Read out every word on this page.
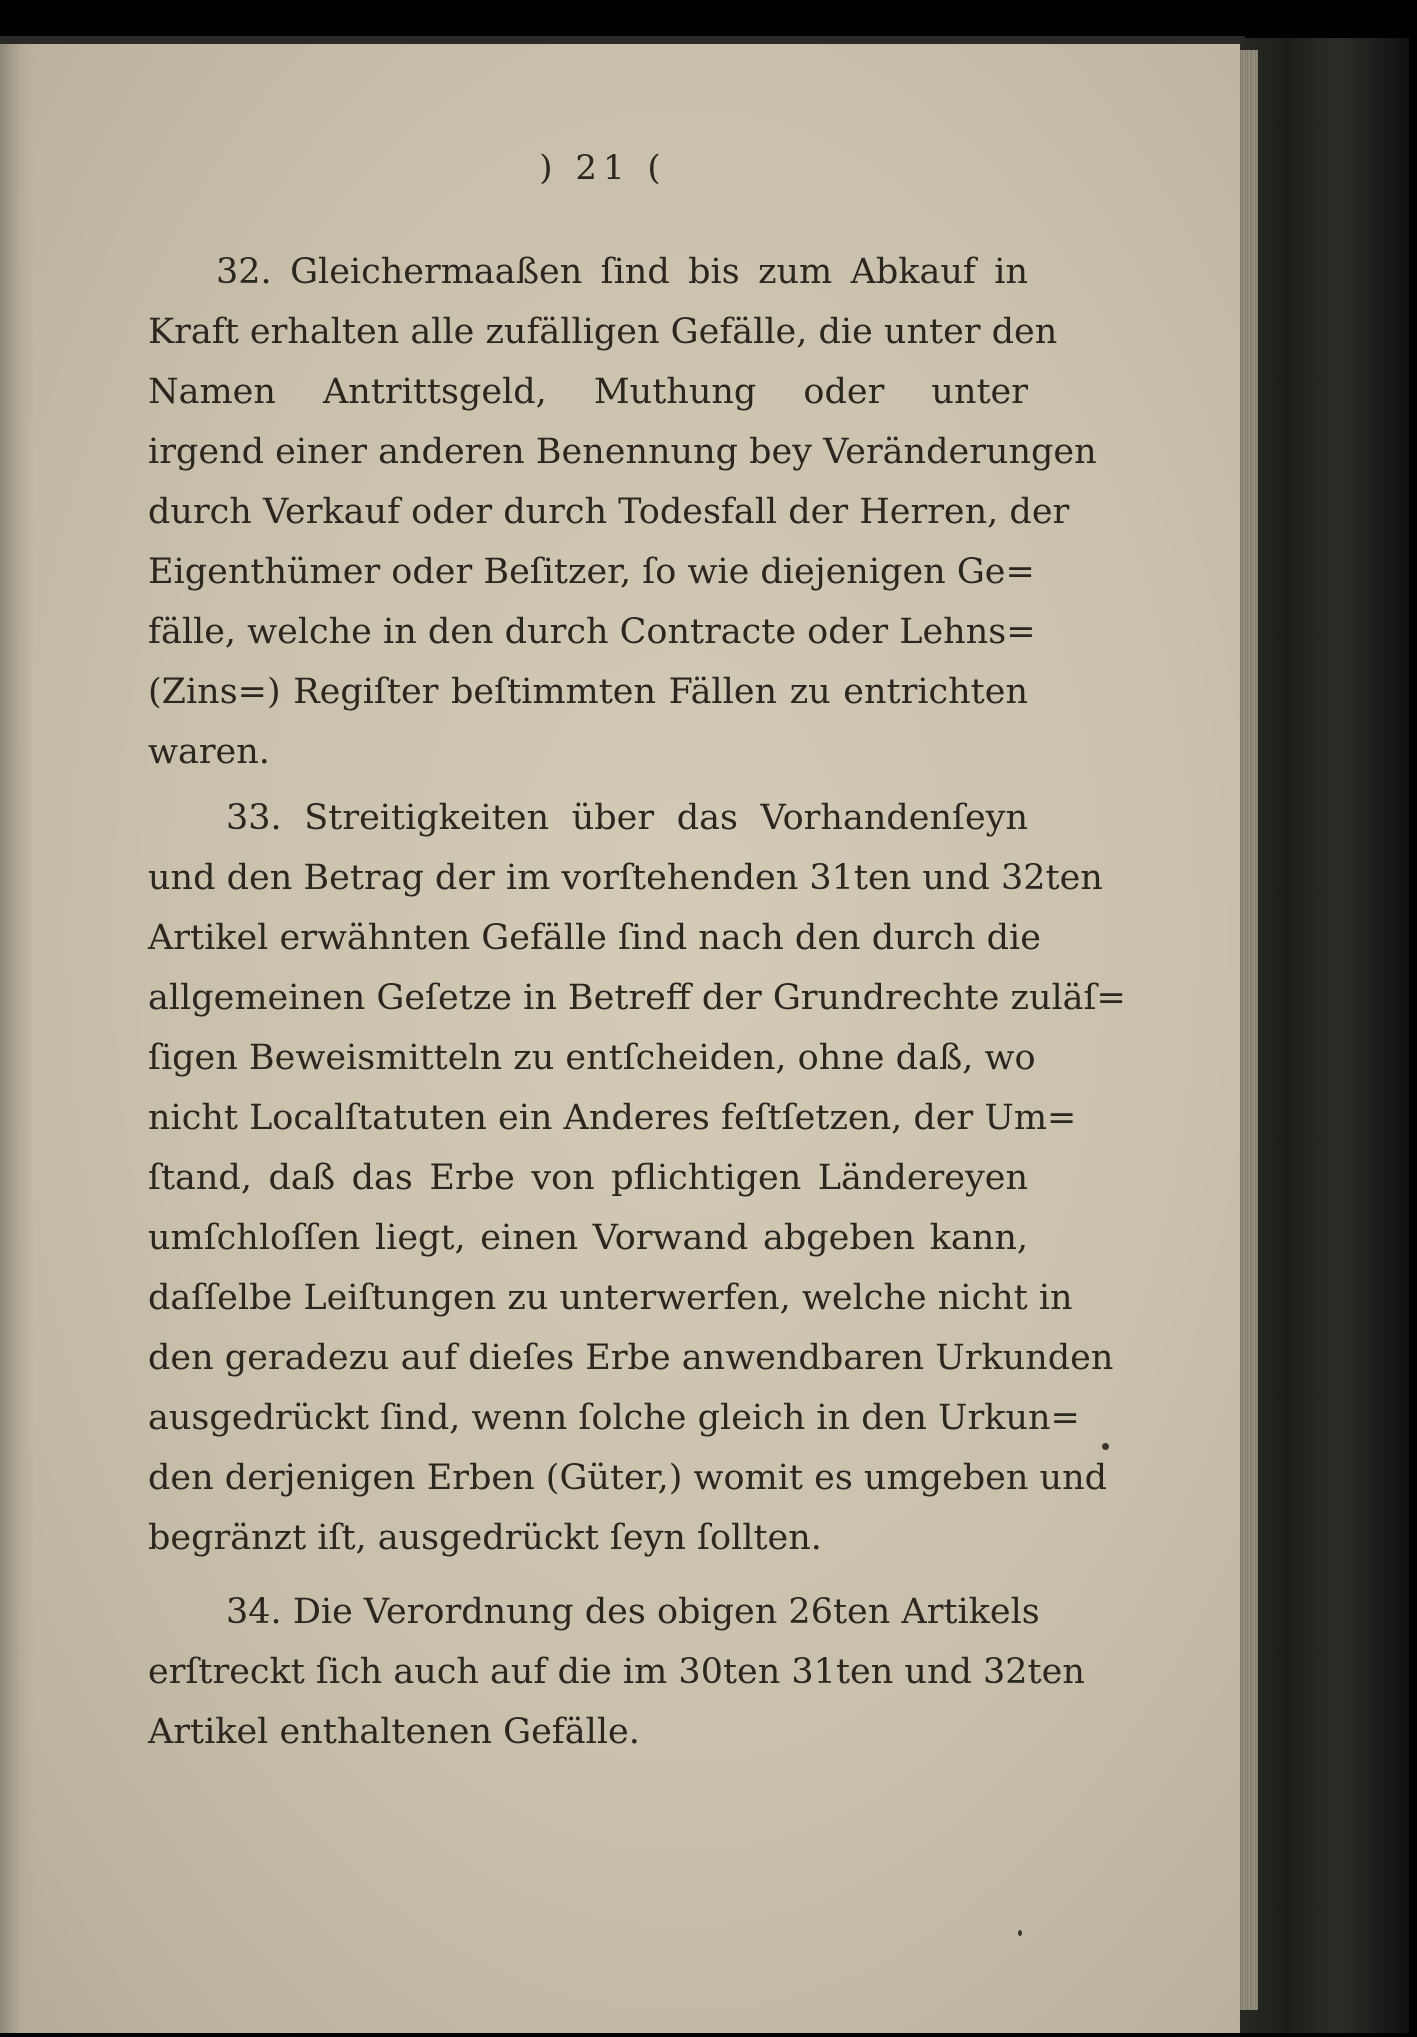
) 21 (
32. Gleichermaaßen ſind bis zum Abkauf in
Kraft erhalten alle zufälligen Gefälle, die unter den
Namen Antrittsgeld, Muthung oder unter
irgend einer anderen Benennung bey Veränderungen
durch Verkauf oder durch Todesfall der Herren, der
Eigenthümer oder Beſitzer, ſo wie diejenigen Ge=
fälle, welche in den durch Contracte oder Lehns=
(Zins=) Regiſter beſtimmten Fällen zu entrichten
waren.
33. Streitigkeiten über das Vorhandenſeyn
und den Betrag der im vorſtehenden 31ten und 32ten
Artikel erwähnten Gefälle ſind nach den durch die
allgemeinen Geſetze in Betreff der Grundrechte zuläſ=
ſigen Beweismitteln zu entſcheiden, ohne daß, wo
nicht Localſtatuten ein Anderes feſtſetzen, der Um=
ſtand, daß das Erbe von pflichtigen Ländereyen
umſchloſſen liegt, einen Vorwand abgeben kann,
daſſelbe Leiſtungen zu unterwerfen, welche nicht in
den geradezu auf dieſes Erbe anwendbaren Urkunden
ausgedrückt ſind, wenn ſolche gleich in den Urkun=
den derjenigen Erben (Güter,) womit es umgeben und
begränzt iſt, ausgedrückt ſeyn ſollten.
34. Die Verordnung des obigen 26ten Artikels
erſtreckt ſich auch auf die im 30ten 31ten und 32ten
Artikel enthaltenen Gefälle.
